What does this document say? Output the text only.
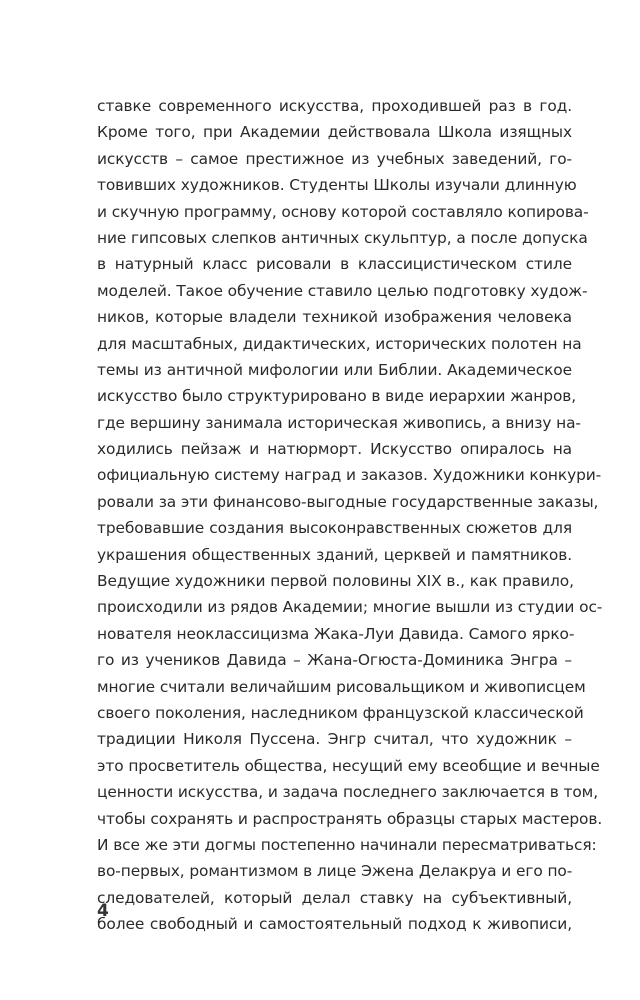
ставке современного искусства, проходившей раз в год.
Кроме того, при Академии действовала Школа изящных
искусств – самое престижное из учебных заведений, го-
товивших художников. Студенты Школы изучали длинную
и скучную программу, основу которой составляло копирова-
ние гипсовых слепков античных скульптур, а после допуска
в натурный класс рисовали в классицистическом стиле
моделей. Такое обучение ставило целью подготовку худож-
ников, которые владели техникой изображения человека
для масштабных, дидактических, исторических полотен на
темы из античной мифологии или Библии. Академическое
искусство было структурировано в виде иерархии жанров,
где вершину занимала историческая живопись, а внизу на-
ходились пейзаж и натюрморт. Искусство опиралось на
официальную систему наград и заказов. Художники конкури-
ровали за эти финансово-выгодные государственные заказы,
требовавшие создания высоконравственных сюжетов для
украшения общественных зданий, церквей и памятников.
Ведущие художники первой половины XIX в., как правило,
происходили из рядов Академии; многие вышли из студии ос-
нователя неоклассицизма Жака-Луи Давида. Самого ярко-
го из учеников Давида – Жана-Огюста-Доминика Энгра –
многие считали величайшим рисовальщиком и живописцем
своего поколения, наследником французской классической
традиции Николя Пуссена. Энгр считал, что художник –
это просветитель общества, несущий ему всеобщие и вечные
ценности искусства, и задача последнего заключается в том,
чтобы сохранять и распространять образцы старых мастеров.
И все же эти догмы постепенно начинали пересматриваться:
во-первых, романтизмом в лице Эжена Делакруа и его по-
следователей, который делал ставку на субъективный,
более свободный и самостоятельный подход к живописи,
4
